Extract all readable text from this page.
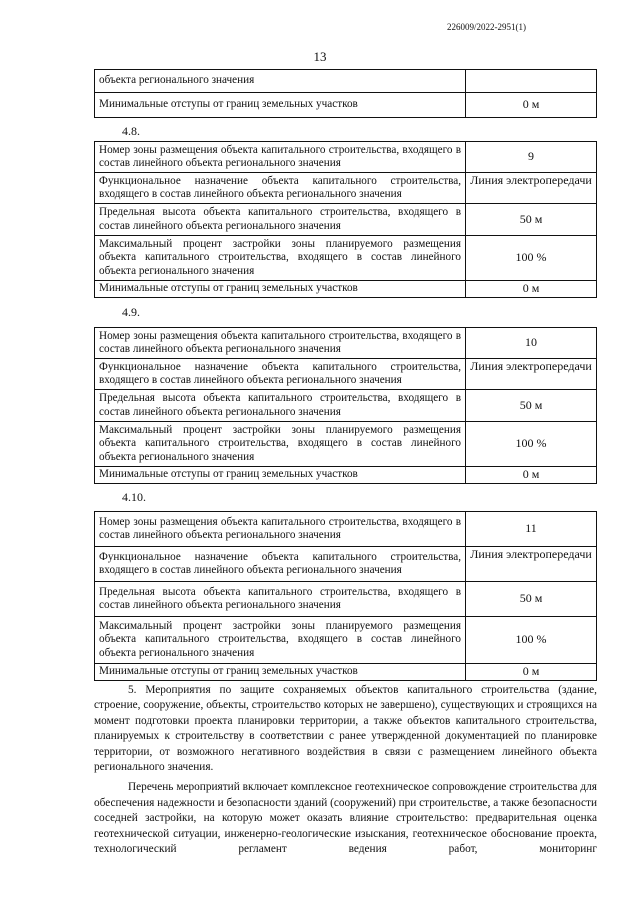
226009/2022-2951(1)
13
объекта регионального значения	
Минимальные отступы от границ земельных участков	0 м
4.8.
Номер зоны размещения объекта капитального строительства, входящего в состав линейного объекта регионального значения	9
Функциональное назначение объекта капитального строительства, входящего в состав линейного объекта регионального значения	Линия электропередачи
Предельная высота объекта капитального строительства, входящего в состав линейного объекта регионального значения	50 м
Максимальный процент застройки зоны планируемого размещения объекта капитального строительства, входящего в состав линейного объекта регионального значения	100 %
Минимальные отступы от границ земельных участков	0 м
4.9.
Номер зоны размещения объекта капитального строительства, входящего в состав линейного объекта регионального значения	10
Функциональное назначение объекта капитального строительства, входящего в состав линейного объекта регионального значения	Линия электропередачи
Предельная высота объекта капитального строительства, входящего в состав линейного объекта регионального значения	50 м
Максимальный процент застройки зоны планируемого размещения объекта капитального строительства, входящего в состав линейного объекта регионального значения	100 %
Минимальные отступы от границ земельных участков	0 м
4.10.
Номер зоны размещения объекта капитального строительства, входящего в состав линейного объекта регионального значения	11
Функциональное назначение объекта капитального строительства, входящего в состав линейного объекта регионального значения	Линия электропередачи
Предельная высота объекта капитального строительства, входящего в состав линейного объекта регионального значения	50 м
Максимальный процент застройки зоны планируемого размещения объекта капитального строительства, входящего в состав линейного объекта регионального значения	100 %
Минимальные отступы от границ земельных участков	0 м

5. Мероприятия по защите сохраняемых объектов капитального строительства (здание, строение, сооружение, объекты, строительство которых не завершено), существующих и строящихся на момент подготовки проекта планировки территории, а также объектов капитального строительства, планируемых к строительству в соответствии с ранее утвержденной документацией по планировке территории, от возможного негативного воздействия в связи с размещением линейного объекта регионального значения.

Перечень мероприятий включает комплексное геотехническое сопровождение строительства для обеспечения надежности и безопасности зданий (сооружений) при строительстве, а также безопасности соседней застройки, на которую может оказать влияние строительство: предварительная оценка геотехнической ситуации, инженерно-геологические изыскания, геотехническое обоснование проекта, технологический регламент ведения работ, мониторинг
